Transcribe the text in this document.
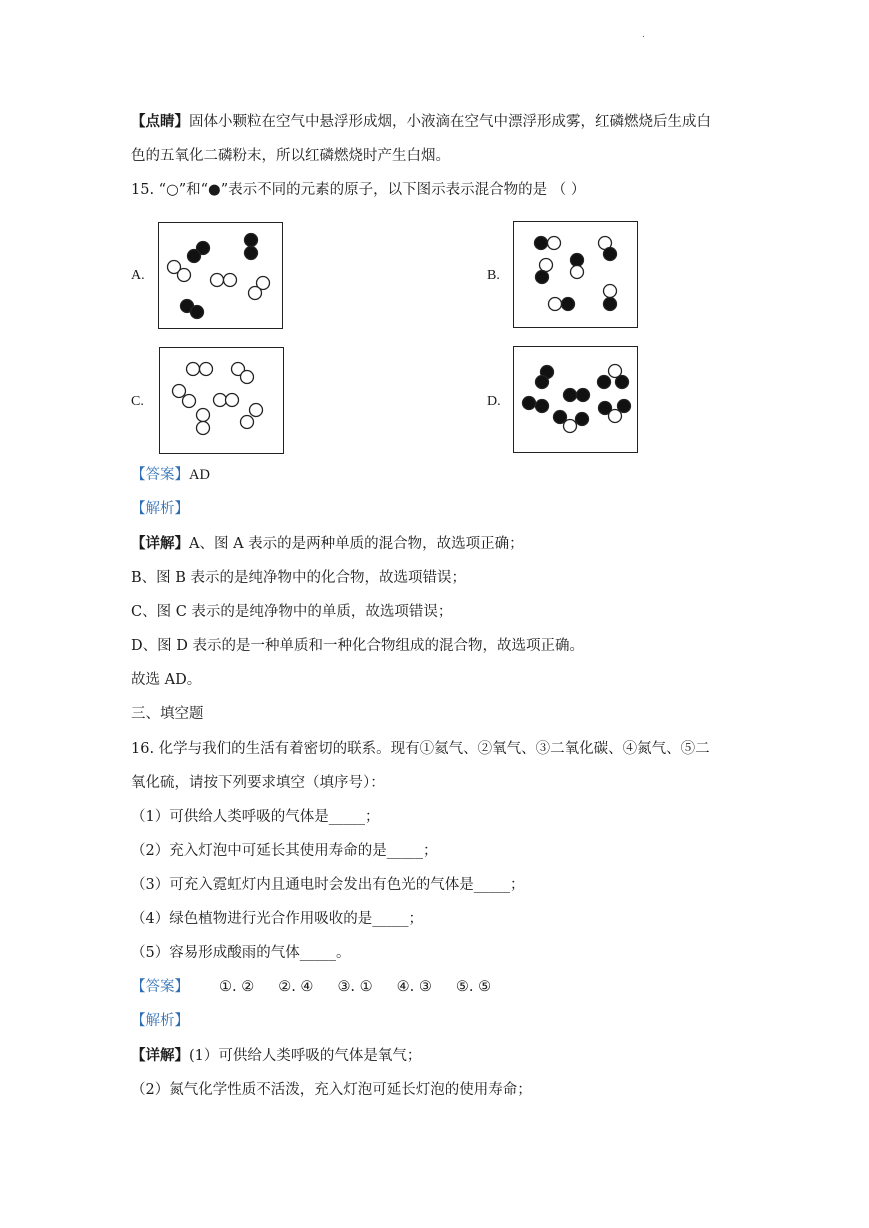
.
【点睛】固体小颗粒在空气中悬浮形成烟，小液滴在空气中漂浮形成雾，红磷燃烧后生成白
色的五氧化二磷粉末，所以红磷燃烧时产生白烟。
15. “○”和“●”表示不同的元素的原子，以下图示表示混合物的是 （ ）
A.	B.
C.	D.
【答案】AD
【解析】
【详解】A、图 A 表示的是两种单质的混合物，故选项正确；
B、图 B 表示的是纯净物中的化合物，故选项错误；
C、图 C 表示的是纯净物中的单质，故选项错误；
D、图 D 表示的是一种单质和一种化合物组成的混合物，故选项正确。
故选 AD。
三、填空题
16. 化学与我们的生活有着密切的联系。现有①氦气、②氧气、③二氧化碳、④氮气、⑤二
氧化硫，请按下列要求填空（填序号）：
（1）可供给人类呼吸的气体是_____；
（2）充入灯泡中可延长其使用寿命的是_____；
（3）可充入霓虹灯内且通电时会发出有色光的气体是_____；
（4）绿色植物进行光合作用吸收的是_____；
（5）容易形成酸雨的气体_____。
【答案】 ①. ② ②. ④ ③. ① ④. ③ ⑤. ⑤
【解析】
【详解】(1）可供给人类呼吸的气体是氧气；
（2）氮气化学性质不活泼，充入灯泡可延长灯泡的使用寿命；
